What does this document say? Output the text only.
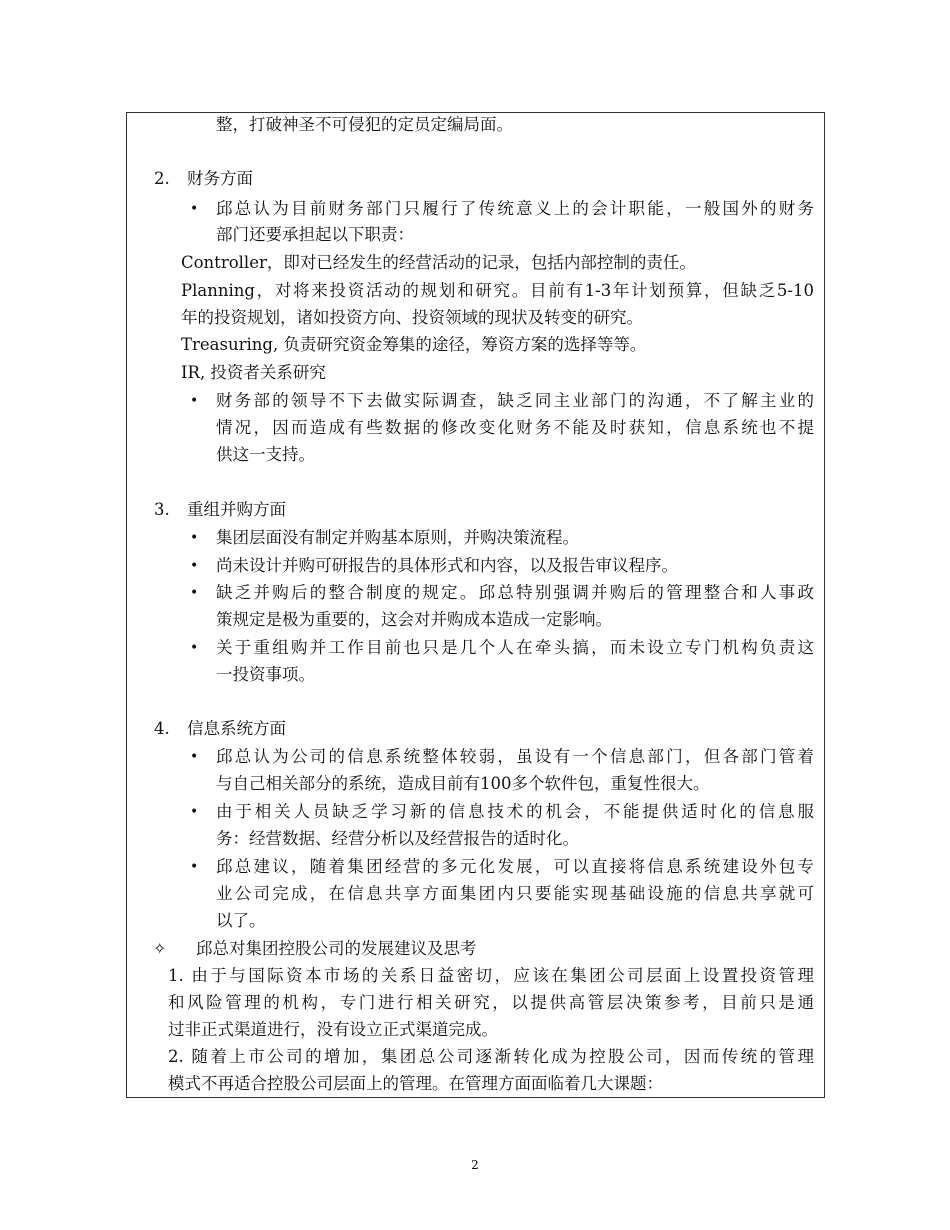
整，打破神圣不可侵犯的定员定编局面。
2. 财务方面
• 邱总认为目前财务部门只履行了传统意义上的会计职能，一般国外的财务
部门还要承担起以下职责：
Controller，即对已经发生的经营活动的记录，包括内部控制的责任。
Planning，对将来投资活动的规划和研究。目前有1-3年计划预算，但缺乏5-10
年的投资规划，诸如投资方向、投资领域的现状及转变的研究。
Treasuring, 负责研究资金筹集的途径，筹资方案的选择等等。
IR, 投资者关系研究
• 财务部的领导不下去做实际调查，缺乏同主业部门的沟通，不了解主业的
情况，因而造成有些数据的修改变化财务不能及时获知，信息系统也不提
供这一支持。
3. 重组并购方面
• 集团层面没有制定并购基本原则，并购决策流程。
• 尚未设计并购可研报告的具体形式和内容，以及报告审议程序。
• 缺乏并购后的整合制度的规定。邱总特别强调并购后的管理整合和人事政
策规定是极为重要的，这会对并购成本造成一定影响。
• 关于重组购并工作目前也只是几个人在牵头搞，而未设立专门机构负责这
一投资事项。
4. 信息系统方面
• 邱总认为公司的信息系统整体较弱，虽设有一个信息部门，但各部门管着
与自己相关部分的系统，造成目前有100多个软件包，重复性很大。
• 由于相关人员缺乏学习新的信息技术的机会，不能提供适时化的信息服
务：经营数据、经营分析以及经营报告的适时化。
• 邱总建议，随着集团经营的多元化发展，可以直接将信息系统建设外包专
业公司完成，在信息共享方面集团内只要能实现基础设施的信息共享就可
以了。
✧ 邱总对集团控股公司的发展建议及思考
1. 由于与国际资本市场的关系日益密切，应该在集团公司层面上设置投资管理
和风险管理的机构，专门进行相关研究，以提供高管层决策参考，目前只是通
过非正式渠道进行，没有设立正式渠道完成。
2. 随着上市公司的增加，集团总公司逐渐转化成为控股公司，因而传统的管理
模式不再适合控股公司层面上的管理。在管理方面面临着几大课题：
2
